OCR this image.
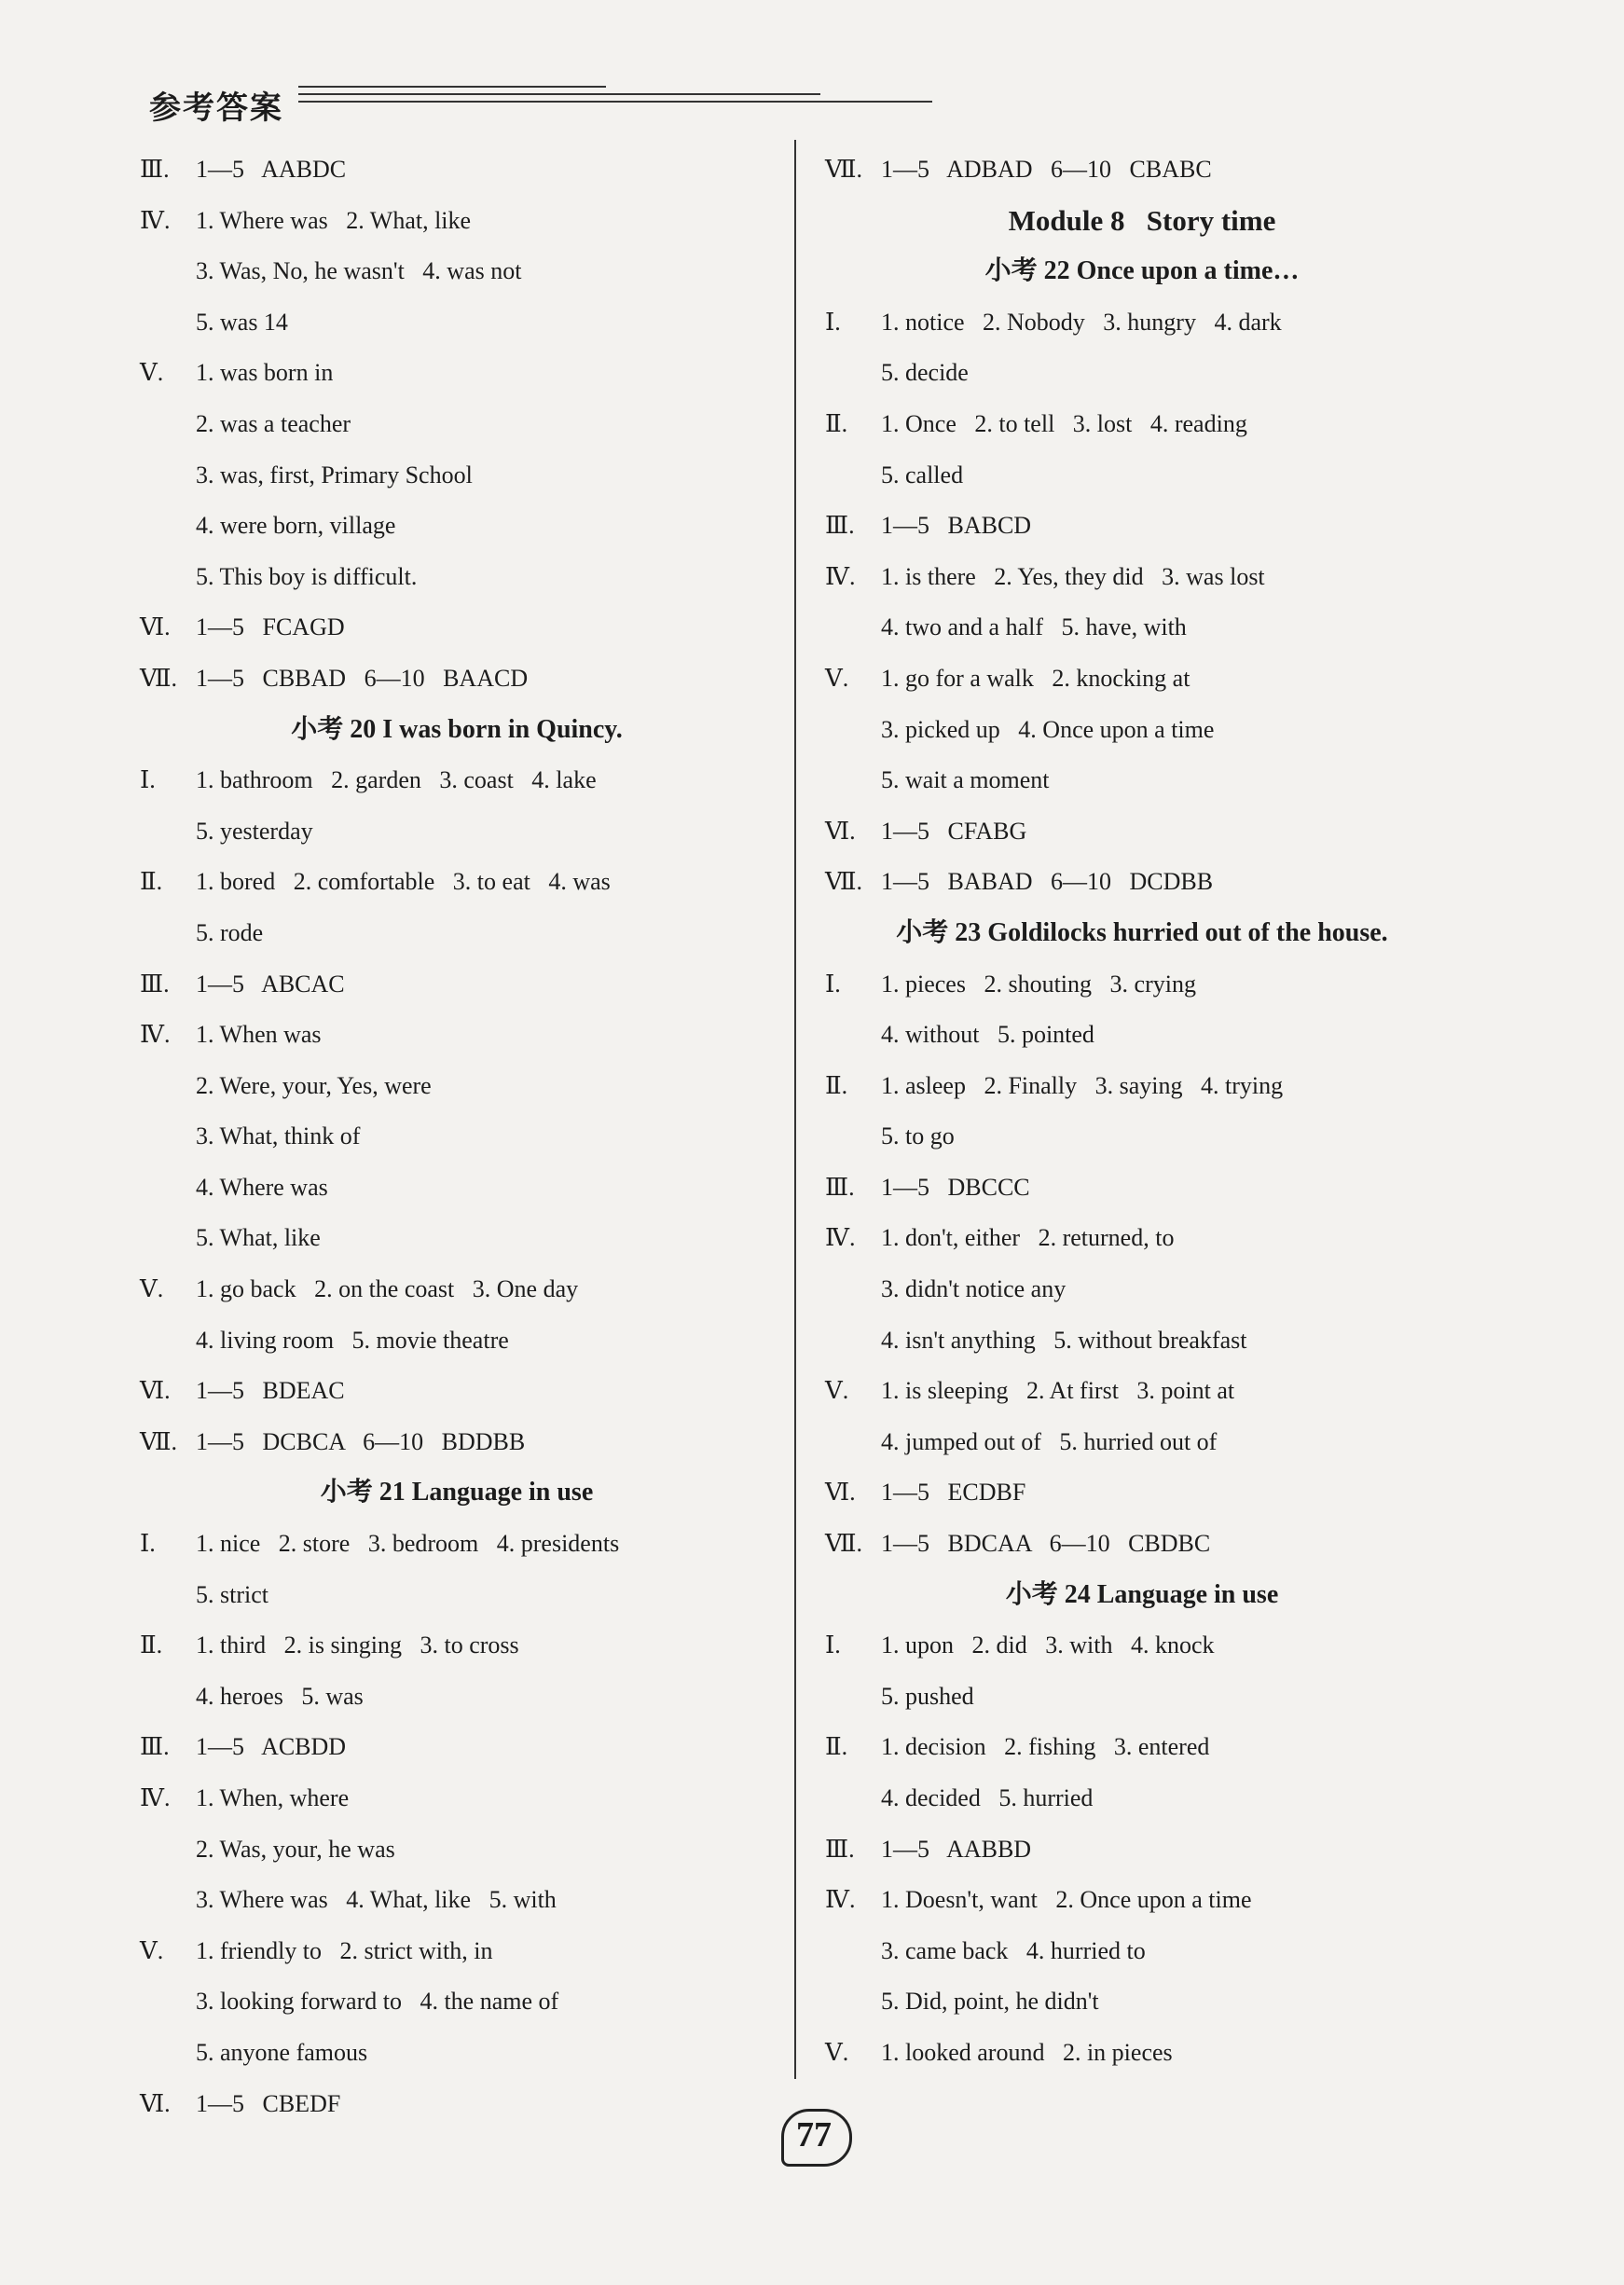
参考答案
Ⅲ. 1—5   AABDC
Ⅳ. 1. Where was   2. What, like
3. Was, No, he wasn't   4. was not
5. was 14
Ⅴ. 1. was born in
2. was a teacher
3. was, first, Primary School
4. were born, village
5. This boy is difficult.
Ⅵ. 1—5   FCAGD
Ⅶ. 1—5   CBBAD   6—10   BAACD
小考 20 I was born in Quincy.
Ⅰ. 1. bathroom   2. garden   3. coast   4. lake
5. yesterday
Ⅱ. 1. bored   2. comfortable   3. to eat   4. was
5. rode
Ⅲ. 1—5   ABCAC
Ⅳ. 1. When was
2. Were, your, Yes, were
3. What, think of
4. Where was
5. What, like
Ⅴ. 1. go back   2. on the coast   3. One day
4. living room   5. movie theatre
Ⅵ. 1—5   BDEAC
Ⅶ. 1—5   DCBCA   6—10   BDDBB
小考 21 Language in use
Ⅰ. 1. nice   2. store   3. bedroom   4. presidents
5. strict
Ⅱ. 1. third   2. is singing   3. to cross
4. heroes   5. was
Ⅲ. 1—5   ACBDD
Ⅳ. 1. When, where
2. Was, your, he was
3. Where was   4. What, like   5. with
Ⅴ. 1. friendly to   2. strict with, in
3. looking forward to   4. the name of
5. anyone famous
Ⅵ. 1—5   CBEDF
Ⅶ. 1—5   ADBAD   6—10   CBABC
Module 8   Story time
小考 22 Once upon a time…
Ⅰ. 1. notice   2. Nobody   3. hungry   4. dark
5. decide
Ⅱ. 1. Once   2. to tell   3. lost   4. reading
5. called
Ⅲ. 1—5   BABCD
Ⅳ. 1. is there   2. Yes, they did   3. was lost
4. two and a half   5. have, with
Ⅴ. 1. go for a walk   2. knocking at
3. picked up   4. Once upon a time
5. wait a moment
Ⅵ. 1—5   CFABG
Ⅶ. 1—5   BABAD   6—10   DCDBB
小考 23 Goldilocks hurried out of the house.
Ⅰ. 1. pieces   2. shouting   3. crying
4. without   5. pointed
Ⅱ. 1. asleep   2. Finally   3. saying   4. trying
5. to go
Ⅲ. 1—5   DBCCC
Ⅳ. 1. don't, either   2. returned, to
3. didn't notice any
4. isn't anything   5. without breakfast
Ⅴ. 1. is sleeping   2. At first   3. point at
4. jumped out of   5. hurried out of
Ⅵ. 1—5   ECDBF
Ⅶ. 1—5   BDCAA   6—10   CBDBC
小考 24 Language in use
Ⅰ. 1. upon   2. did   3. with   4. knock
5. pushed
Ⅱ. 1. decision   2. fishing   3. entered
4. decided   5. hurried
Ⅲ. 1—5   AABBD
Ⅳ. 1. Doesn't, want   2. Once upon a time
3. came back   4. hurried to
5. Did, point, he didn't
Ⅴ. 1. looked around   2. in pieces
77
